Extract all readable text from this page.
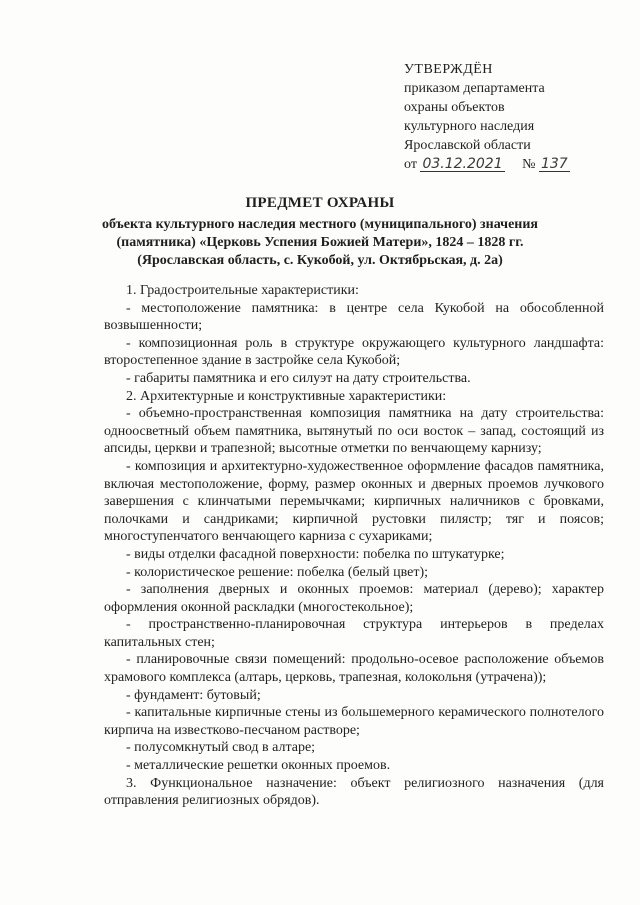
УТВЕРЖДЁН
приказом департамента
охраны объектов
культурного наследия
Ярославской области
от 03.12.2021 № 137
ПРЕДМЕТ ОХРАНЫ
объекта культурного наследия местного (муниципального) значения
(памятника) «Церковь Успения Божией Матери», 1824 – 1828 гг.
(Ярославская область, с. Кукобой, ул. Октябрьская, д. 2а)

1. Градостроительные характеристики:

- местоположение памятника: в центре села Кукобой на обособленной возвышенности;

- композиционная роль в структуре окружающего культурного ландшафта: второстепенное здание в застройке села Кукобой;

- габариты памятника и его силуэт на дату строительства.

2. Архитектурные и конструктивные характеристики:

- объемно-пространственная композиция памятника на дату строительства: одноосветный объем памятника, вытянутый по оси восток – запад, состоящий из апсиды, церкви и трапезной; высотные отметки по венчающему карнизу;

- композиция и архитектурно-художественное оформление фасадов памятника, включая местоположение, форму, размер оконных и дверных проемов лучкового завершения с клинчатыми перемычками; кирпичных наличников с бровками, полочками и сандриками; кирпичной рустовки пилястр; тяг и поясов; многоступенчатого венчающего карниза с сухариками;

- виды отделки фасадной поверхности: побелка по штукатурке;

- колористическое решение: побелка (белый цвет);

- заполнения дверных и оконных проемов: материал (дерево); характер оформления оконной раскладки (многостекольное);

- пространственно-планировочная структура интерьеров в пределах капитальных стен;

- планировочные связи помещений: продольно-осевое расположение объемов храмового комплекса (алтарь, церковь, трапезная, колокольня (утрачена));

- фундамент: бутовый;

- капитальные кирпичные стены из большемерного керамического полнотелого кирпича на известково-песчаном растворе;

- полусомкнутый свод в алтаре;

- металлические решетки оконных проемов.

3. Функциональное назначение: объект религиозного назначения (для отправления религиозных обрядов).
